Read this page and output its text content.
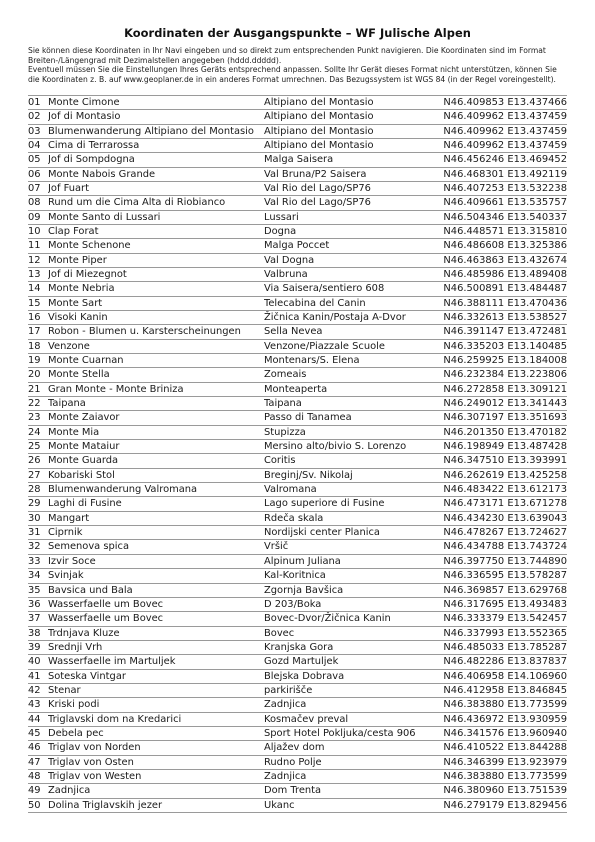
Koordinaten der Ausgangspunkte – WF Julische Alpen

Sie können diese Koordinaten in Ihr Navi eingeben und so direkt zum entsprechenden Punkt navigieren. Die Koordinaten sind im Format Breiten-/Längengrad mit Dezimalstellen angegeben (hddd.ddddd).

Eventuell müssen Sie die Einstellungen Ihres Geräts entsprechend anpassen. Sollte Ihr Gerät dieses Format nicht unterstützen, können Sie die Koordinaten z. B. auf www.geoplaner.de in ein anderes Format umrechnen. Das Bezugssystem ist WGS 84 (in der Regel voreingestellt).

01	Monte Cimone	Altipiano del Montasio	N46.409853 E13.437466
02	Jof di Montasio	Altipiano del Montasio	N46.409962 E13.437459
03	Blumenwanderung Altipiano del Montasio	Altipiano del Montasio	N46.409962 E13.437459
04	Cima di Terrarossa	Altipiano del Montasio	N46.409962 E13.437459
05	Jof di Sompdogna	Malga Saisera	N46.456246 E13.469452
06	Monte Nabois Grande	Val Bruna/P2 Saisera	N46.468301 E13.492119
07	Jof Fuart	Val Rio del Lago/SP76	N46.407253 E13.532238
08	Rund um die Cima Alta di Riobianco	Val Rio del Lago/SP76	N46.409661 E13.535757
09	Monte Santo di Lussari	Lussari	N46.504346 E13.540337
10	Clap Forat	Dogna	N46.448571 E13.315810
11	Monte Schenone	Malga Poccet	N46.486608 E13.325386
12	Monte Piper	Val Dogna	N46.463863 E13.432674
13	Jof di Miezegnot	Valbruna	N46.485986 E13.489408
14	Monte Nebria	Via Saisera/sentiero 608	N46.500891 E13.484487
15	Monte Sart	Telecabina del Canin	N46.388111 E13.470436
16	Visoki Kanin	Žičnica Kanin/Postaja A-Dvor	N46.332613 E13.538527
17	Robon - Blumen u. Karsterscheinungen	Sella Nevea	N46.391147 E13.472481
18	Venzone	Venzone/Piazzale Scuole	N46.335203 E13.140485
19	Monte Cuarnan	Montenars/S. Elena	N46.259925 E13.184008
20	Monte Stella	Zomeais	N46.232384 E13.223806
21	Gran Monte - Monte Briniza	Monteaperta	N46.272858 E13.309121
22	Taipana	Taipana	N46.249012 E13.341443
23	Monte Zaiavor	Passo di Tanamea	N46.307197 E13.351693
24	Monte Mia	Stupizza	N46.201350 E13.470182
25	Monte Mataiur	Mersino alto/bivio S. Lorenzo	N46.198949 E13.487428
26	Monte Guarda	Coritis	N46.347510 E13.393991
27	Kobariski Stol	Breginj/Sv. Nikolaj	N46.262619 E13.425258
28	Blumenwanderung Valromana	Valromana	N46.483422 E13.612173
29	Laghi di Fusine	Lago superiore di Fusine	N46.473171 E13.671278
30	Mangart	Rdeča skala	N46.434230 E13.639043
31	Ciprnik	Nordijski center Planica	N46.478267 E13.724627
32	Semenova spica	Vršič	N46.434788 E13.743724
33	Izvir Soce	Alpinum Juliana	N46.397750 E13.744890
34	Svinjak	Kal-Koritnica	N46.336595 E13.578287
35	Bavsica und Bala	Zgornja Bavšica	N46.369857 E13.629768
36	Wasserfaelle um Bovec	D 203/Boka	N46.317695 E13.493483
37	Wasserfaelle um Bovec	Bovec-Dvor/Žičnica Kanin	N46.333379 E13.542457
38	Trdnjava Kluze	Bovec	N46.337993 E13.552365
39	Srednji Vrh	Kranjska Gora	N46.485033 E13.785287
40	Wasserfaelle im Martuljek	Gozd Martuljek	N46.482286 E13.837837
41	Soteska Vintgar	Blejska Dobrava	N46.406958 E14.106960
42	Stenar	parkirišče	N46.412958 E13.846845
43	Kriski podi	Zadnjica	N46.383880 E13.773599
44	Triglavski dom na Kredarici	Kosmačev preval	N46.436972 E13.930959
45	Debela pec	Sport Hotel Pokljuka/cesta 906	N46.341576 E13.960940
46	Triglav von Norden	Aljažev dom	N46.410522 E13.844288
47	Triglav von Osten	Rudno Polje	N46.346399 E13.923979
48	Triglav von Westen	Zadnjica	N46.383880 E13.773599
49	Zadnjica	Dom Trenta	N46.380960 E13.751539
50	Dolina Triglavskih jezer	Ukanc	N46.279179 E13.829456
